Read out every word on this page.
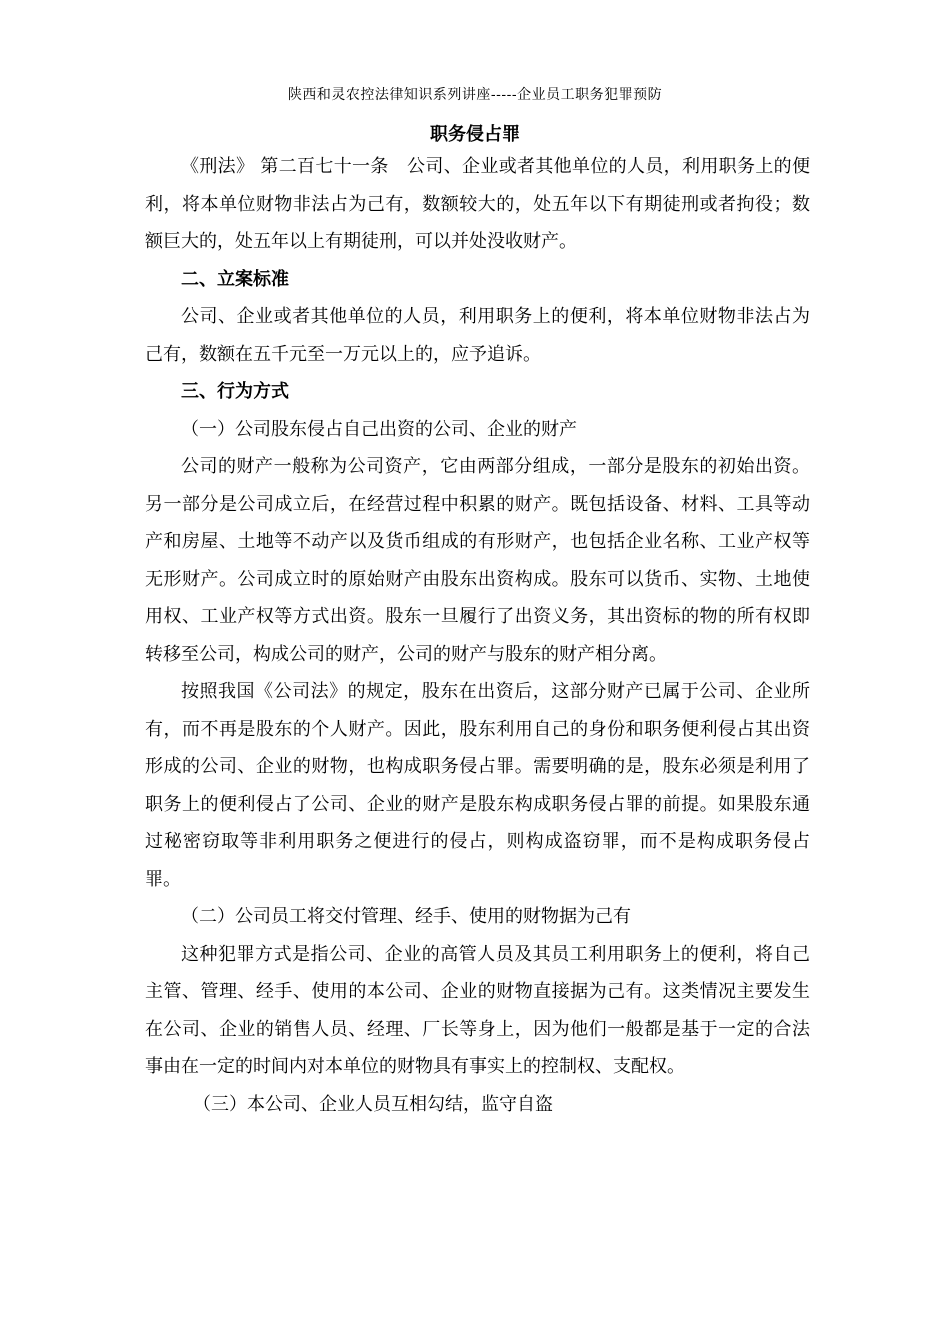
陕西和灵农控法律知识系列讲座-----企业员工职务犯罪预防
职务侵占罪

《刑法》 第二百七十一条　公司、企业或者其他单位的人员，利用职务上的便利，将本单位财物非法占为己有，数额较大的，处五年以下有期徒刑或者拘役；数额巨大的，处五年以上有期徒刑，可以并处没收财产。

二、立案标准

公司、企业或者其他单位的人员，利用职务上的便利，将本单位财物非法占为己有，数额在五千元至一万元以上的，应予追诉。

三、行为方式

（一）公司股东侵占自己出资的公司、企业的财产

公司的财产一般称为公司资产，它由两部分组成，一部分是股东的初始出资。另一部分是公司成立后，在经营过程中积累的财产。既包括设备、材料、工具等动产和房屋、土地等不动产以及货币组成的有形财产，也包括企业名称、工业产权等无形财产。公司成立时的原始财产由股东出资构成。股东可以货币、实物、土地使用权、工业产权等方式出资。股东一旦履行了出资义务，其出资标的物的所有权即转移至公司，构成公司的财产，公司的财产与股东的财产相分离。

按照我国《公司法》的规定，股东在出资后，这部分财产已属于公司、企业所有，而不再是股东的个人财产。因此，股东利用自己的身份和职务便利侵占其出资形成的公司、企业的财物，也构成职务侵占罪。需要明确的是，股东必须是利用了职务上的便利侵占了公司、企业的财产是股东构成职务侵占罪的前提。如果股东通过秘密窃取等非利用职务之便进行的侵占，则构成盗窃罪，而不是构成职务侵占罪。

（二）公司员工将交付管理、经手、使用的财物据为己有

这种犯罪方式是指公司、企业的高管人员及其员工利用职务上的便利，将自己主管、管理、经手、使用的本公司、企业的财物直接据为己有。这类情况主要发生在公司、企业的销售人员、经理、厂长等身上，因为他们一般都是基于一定的合法事由在一定的时间内对本单位的财物具有事实上的控制权、支配权。

（三）本公司、企业人员互相勾结，监守自盗
